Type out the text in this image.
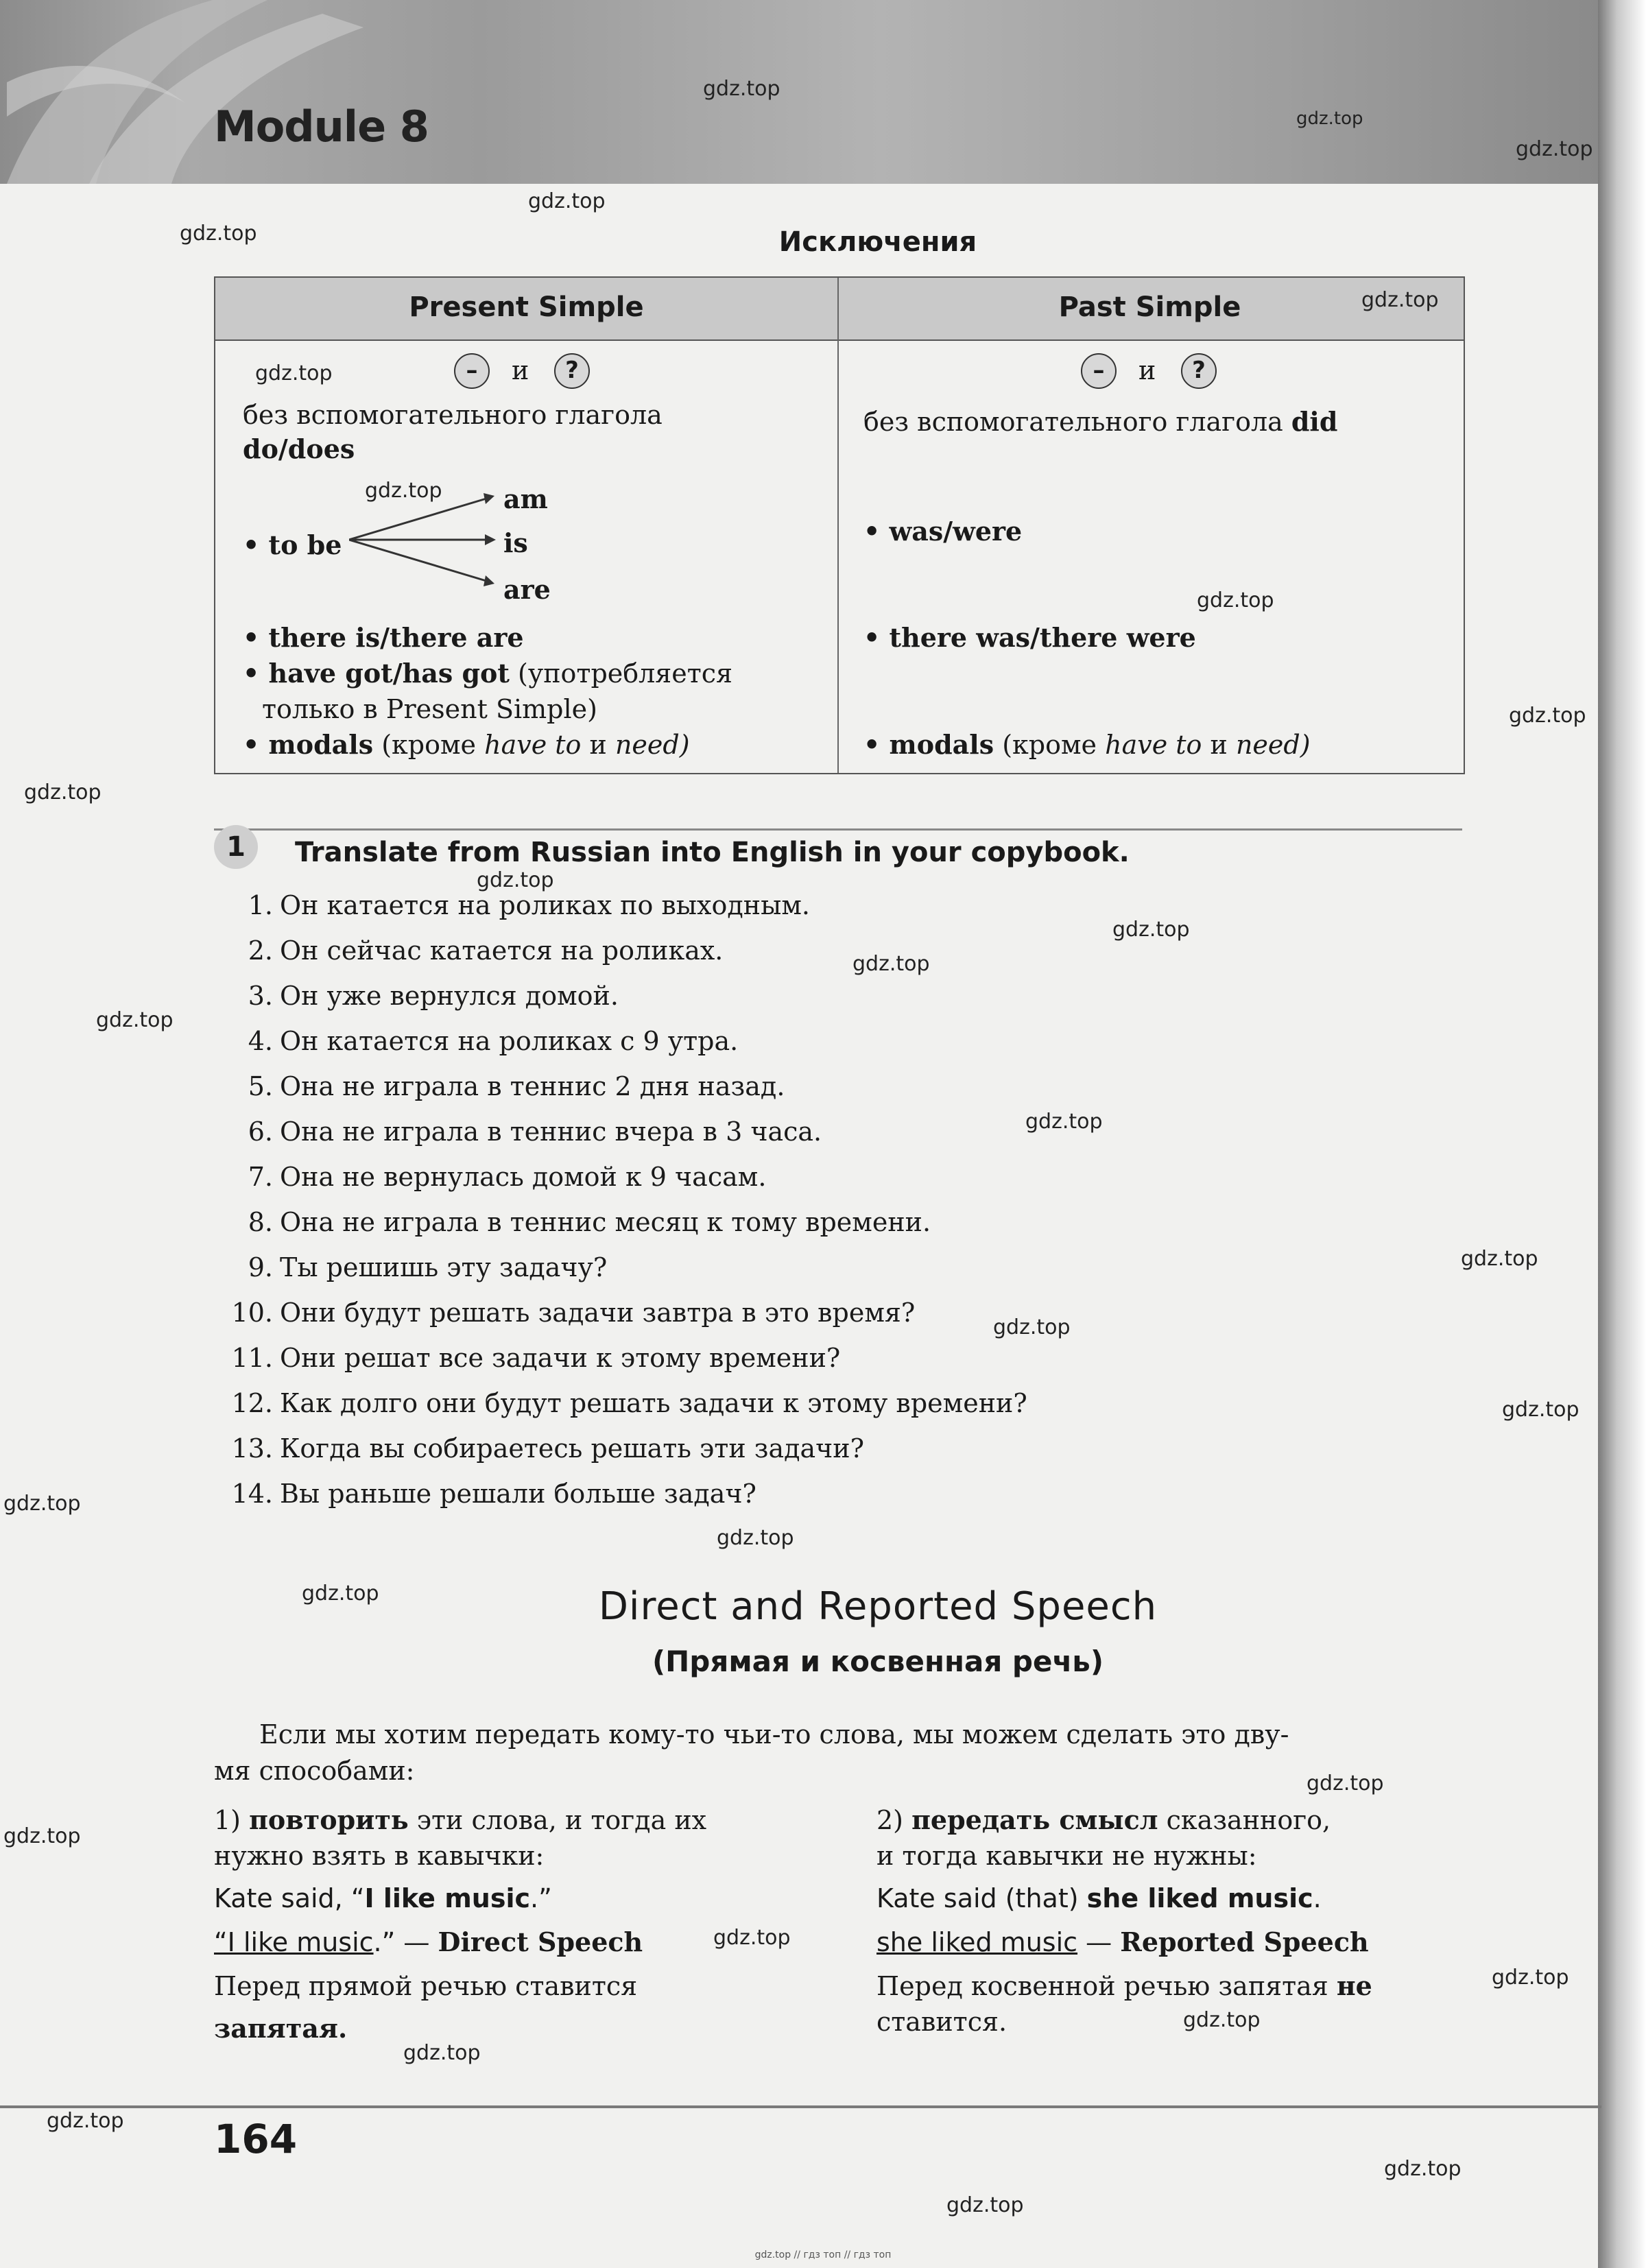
Module 8
Исключения
Present Simple	Past Simple
–	и	?
без вспомогательного глагола
do/does
am
• to be	is
are
• there is/there are
• have got/has got (употребляется
только в Present Simple)
• modals (кроме have to и need)
–	и	?
без вспомогательного глагола did
• was/were
• there was/there were
• modals (кроме have to и need)
1	Translate from Russian into English in your copybook.
1. Он катается на роликах по выходным.
2. Он сейчас катается на роликах.
3. Он уже вернулся домой.
4. Он катается на роликах с 9 утра.
5. Она не играла в теннис 2 дня назад.
6. Она не играла в теннис вчера в 3 часа.
7. Она не вернулась домой к 9 часам.
8. Она не играла в теннис месяц к тому времени.
9. Ты решишь эту задачу?
10. Они будут решать задачи завтра в это время?
11. Они решат все задачи к этому времени?
12. Как долго они будут решать задачи к этому времени?
13. Когда вы собираетесь решать эти задачи?
14. Вы раньше решали больше задач?
Direct and Reported Speech
(Прямая и косвенная речь)
Если мы хотим передать кому-то чьи-то слова, мы можем сделать это дву-
мя способами:
1) повторить эти слова, и тогда их
нужно взять в кавычки:
Kate said, “I like music.”
“I like music.” — Direct Speech
Перед прямой речью ставится
запятая.
2) передать смысл сказанного,
и тогда кавычки не нужны:
Kate said (that) she liked music.
she liked music — Reported Speech
Перед косвенной речью запятая не
ставится.
164
gdz.top // гдз топ // гдз топ
gdz.top
gdz.top
gdz.top
gdz.top
gdz.top
gdz.top
gdz.top
gdz.top
gdz.top
gdz.top
gdz.top
gdz.top
gdz.top
gdz.top
gdz.top
gdz.top
gdz.top
gdz.top
gdz.top
gdz.top
gdz.top
gdz.top
gdz.top
gdz.top
gdz.top
gdz.top
gdz.top
gdz.top
gdz.top
gdz.top
gdz.top
